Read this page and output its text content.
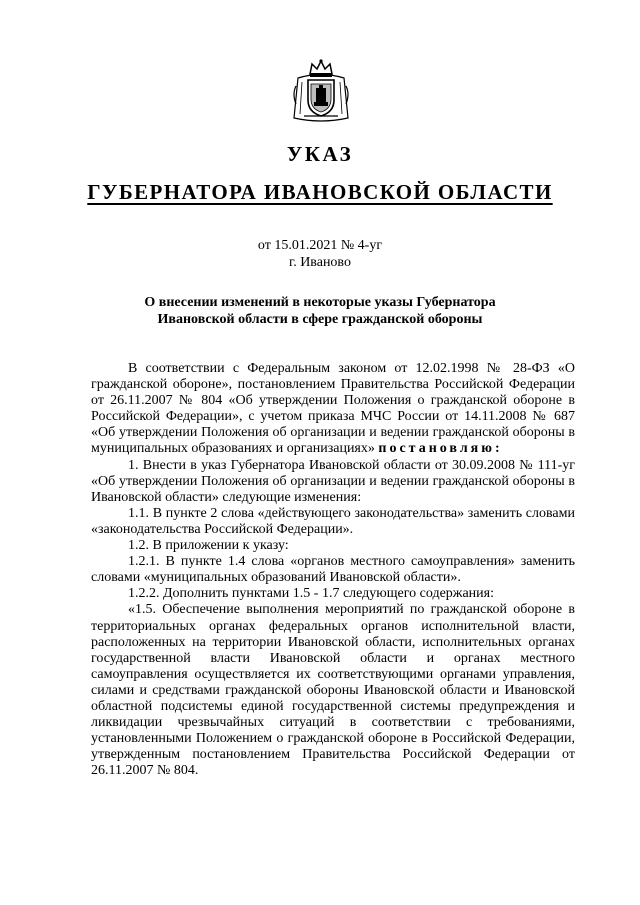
УКАЗ
ГУБЕРНАТОРА ИВАНОВСКОЙ ОБЛАСТИ
от 15.01.2021 № 4-уг
г. Иваново
О внесении изменений в некоторые указы Губернатора
Ивановской области в сфере гражданской обороны

В соответствии с Федеральным законом от 12.02.1998 № 28-ФЗ «О гражданской обороне», постановлением Правительства Российской Федерации от 26.11.2007 № 804 «Об утверждении Положения о гражданской обороне в Российской Федерации», с учетом приказа МЧС России от 14.11.2008 № 687 «Об утверждении Положения об организации и ведении гражданской обороны в муниципальных образованиях и организациях» постановляю:

1. Внести в указ Губернатора Ивановской области от 30.09.2008 № 111-уг «Об утверждении Положения об организации и ведении гражданской обороны в Ивановской области» следующие изменения:

1.1. В пункте 2 слова «действующего законодательства» заменить словами «законодательства Российской Федерации».

1.2. В приложении к указу:

1.2.1. В пункте 1.4 слова «органов местного самоуправления» заменить словами «муниципальных образований Ивановской области».

1.2.2. Дополнить пунктами 1.5 - 1.7 следующего содержания:

«1.5. Обеспечение выполнения мероприятий по гражданской обороне в территориальных органах федеральных органов исполнительной власти, расположенных на территории Ивановской области, исполнительных органах государственной власти Ивановской области и органах местного самоуправления осуществляется их соответствующими органами управления, силами и средствами гражданской обороны Ивановской области и Ивановской областной подсистемы единой государственной системы предупреждения и ликвидации чрезвычайных ситуаций в соответствии с требованиями, установленными Положением о гражданской обороне в Российской Федерации, утвержденным постановлением Правительства Российской Федерации от 26.11.2007 № 804.
